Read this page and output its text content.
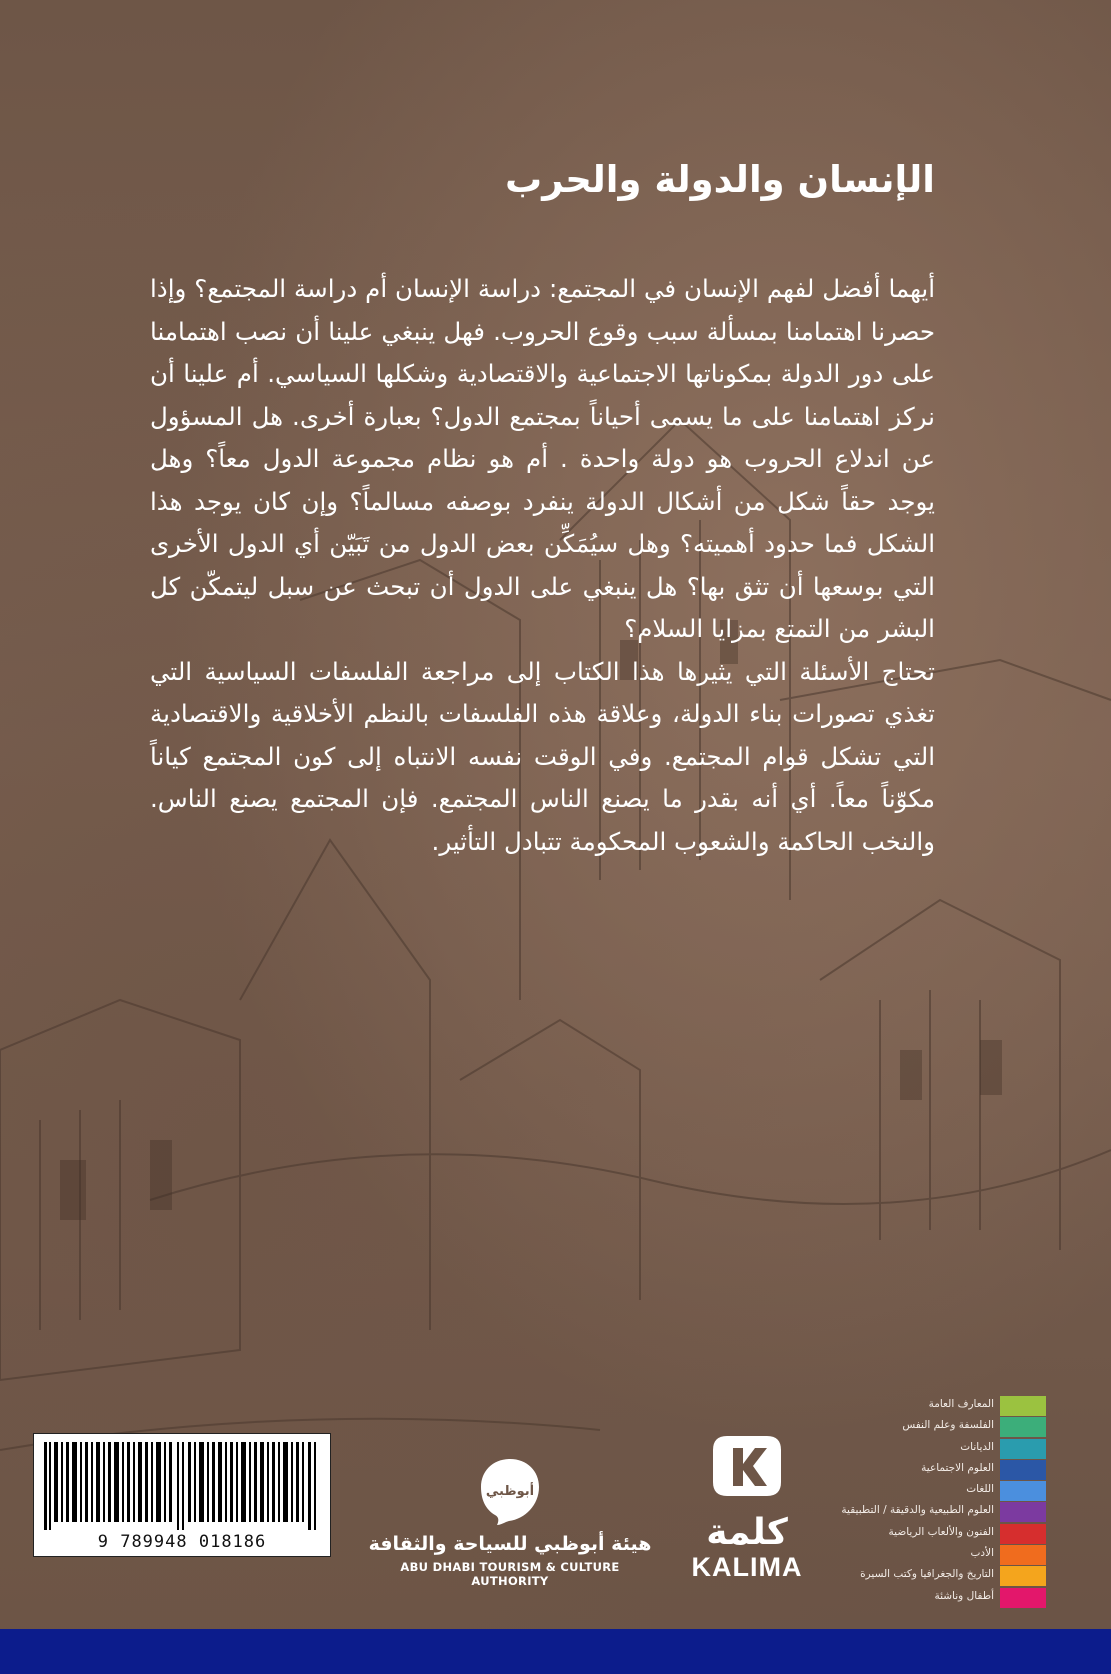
الإنسان والدولة والحرب

أيهما أفضل لفهم الإنسان في المجتمع: دراسة الإنسان أم دراسة المجتمع؟ وإذا حصرنا اهتمامنا بمسألة سبب وقوع الحروب. فهل ينبغي علينا أن نصب اهتمامنا على دور الدولة بمكوناتها الاجتماعية والاقتصادية وشكلها السياسي. أم علينا أن نركز اهتمامنا على ما يسمى أحياناً بمجتمع الدول؟ بعبارة أخرى. هل المسؤول عن اندلاع الحروب هو دولة واحدة . أم هو نظام مجموعة الدول معاً؟ وهل يوجد حقاً شكل من أشكال الدولة ينفرد بوصفه مسالماً؟ وإن كان يوجد هذا الشكل فما حدود أهميته؟ وهل سيُمَكِّن بعض الدول من تَبَيّن أي الدول الأخرى التي بوسعها أن تثق بها؟ هل ينبغي على الدول أن تبحث عن سبل ليتمكّن كل البشر من التمتع بمزايا السلام؟

تحتاج الأسئلة التي يثيرها هذا الكتاب إلى مراجعة الفلسفات السياسية التي تغذي تصورات بناء الدولة، وعلاقة هذه الفلسفات بالنظم الأخلاقية والاقتصادية التي تشكل قوام المجتمع. وفي الوقت نفسه الانتباه إلى كون المجتمع كياناً مكوّناً معاً. أي أنه بقدر ما يصنع الناس المجتمع. فإن المجتمع يصنع الناس. والنخب الحاكمة والشعوب المحكومة تتبادل التأثير.

9 789948 018186
أبوظبي
هيئة أبوظبي للسياحة والثقافة
ABU DHABI TOURISM & CULTURE AUTHORITY
كلمة
KALIMA
المعارف العامة
الفلسفة وعلم النفس
الديانات
العلوم الاجتماعية
اللغات
العلوم الطبيعية والدقيقة / التطبيقية
الفنون والألعاب الرياضية
الأدب
التاريخ والجغرافيا وكتب السيرة
أطفال وناشئة
